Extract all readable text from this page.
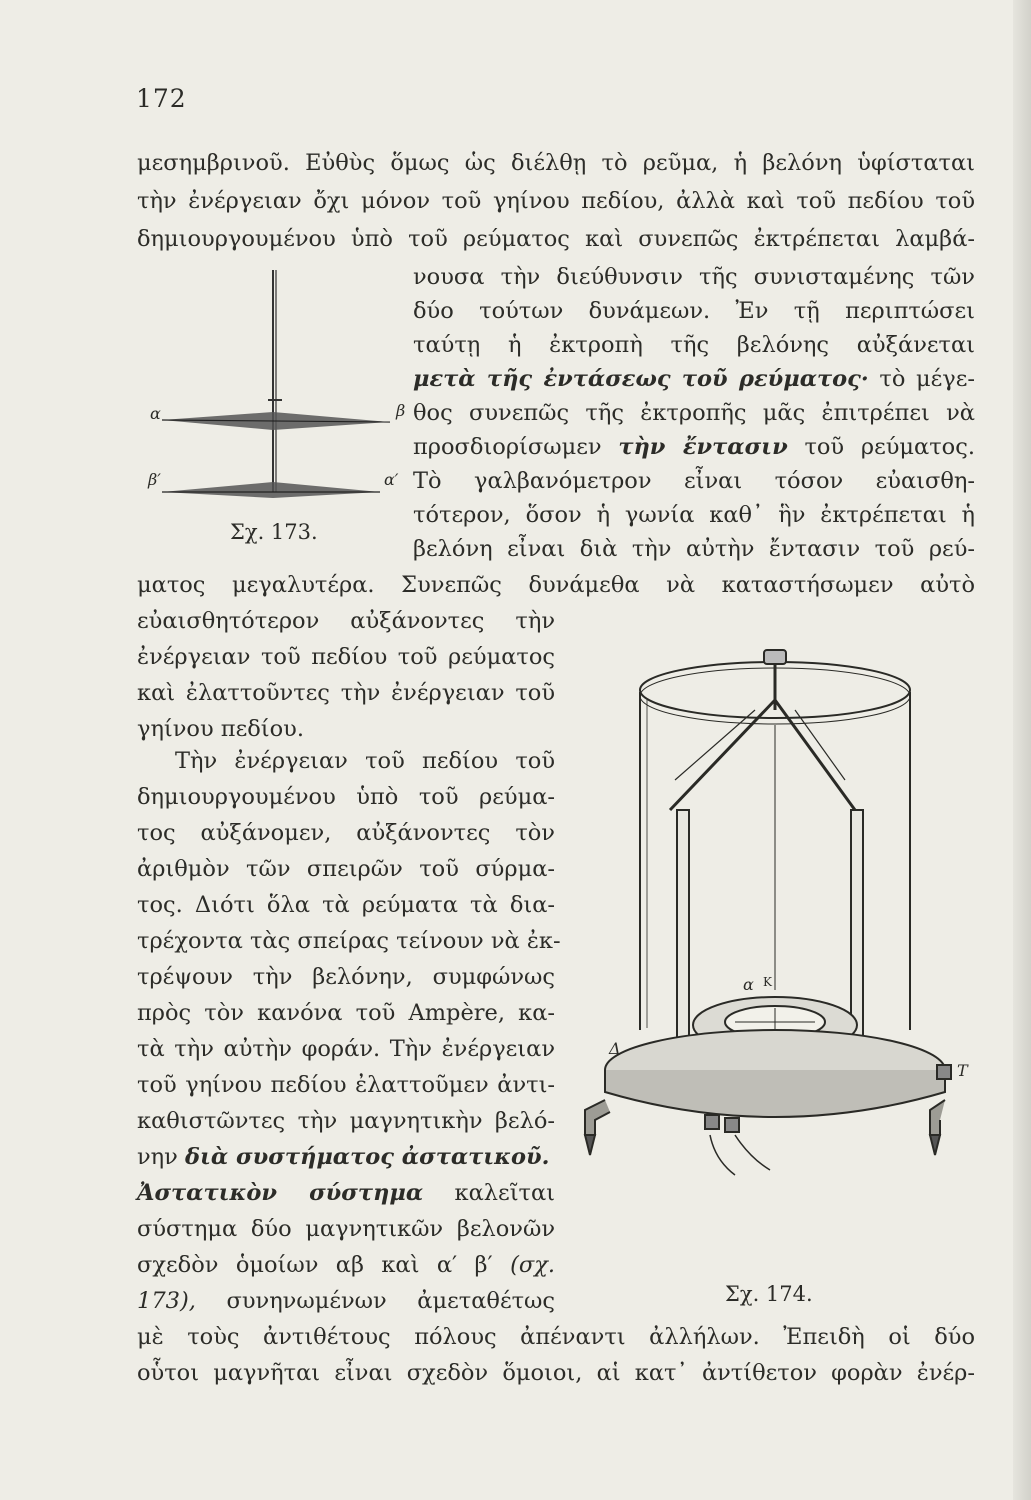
172
μεσημβρινοῦ. Εὐθὺς ὅμως ὡς διέλθῃ τὸ ρεῦμα, ἡ βελόνη ὑφίσταται
τὴν ἐνέργειαν ὄχι μόνον τοῦ γηίνου πεδίου, ἀλλὰ καὶ τοῦ πεδίου τοῦ
δημιουργουμένου ὑπὸ τοῦ ρεύματος καὶ συνεπῶς ἐκτρέπεται λαμβά-
νουσα τὴν διεύθυνσιν τῆς συνισταμένης τῶν
δύο τούτων δυνάμεων. Ἐν τῇ περιπτώσει
ταύτῃ ἡ ἐκτροπὴ τῆς βελόνης αὐξάνεται
μετὰ τῆς ἐντάσεως τοῦ ρεύματος· τὸ μέγε-
θος συνεπῶς τῆς ἐκτροπῆς μᾶς ἐπιτρέπει νὰ
προσδιορίσωμεν τὴν ἔντασιν τοῦ ρεύματος.
Τὸ γαλβανόμετρον εἶναι τόσον εὐαισθη-
τότερον, ὅσον ἡ γωνία καθ᾽ ἣν ἐκτρέπεται ἡ
βελόνη εἶναι διὰ τὴν αὐτὴν ἔντασιν τοῦ ρεύ-
ματος μεγαλυτέρα. Συνεπῶς δυνάμεθα νὰ καταστήσωμεν αὐτὸ
εὐαισθητότερον αὐξάνοντες τὴν
ἐνέργειαν τοῦ πεδίου τοῦ ρεύματος
καὶ ἐλαττοῦντες τὴν ἐνέργειαν τοῦ
γηίνου πεδίου.
Τὴν ἐνέργειαν τοῦ πεδίου τοῦ
δημιουργουμένου ὑπὸ τοῦ ρεύμα-
τος αὐξάνομεν, αὐξάνοντες τὸν
ἀριθμὸν τῶν σπειρῶν τοῦ σύρμα-
τος. Διότι ὅλα τὰ ρεύματα τὰ δια-
τρέχοντα τὰς σπείρας τείνουν νὰ ἐκ-
τρέψουν τὴν βελόνην, συμφώνως
πρὸς τὸν κανόνα τοῦ Ampère, κα-
τὰ τὴν αὐτὴν φοράν. Τὴν ἐνέργειαν
τοῦ γηίνου πεδίου ἐλαττοῦμεν ἀντι-
καθιστῶντες τὴν μαγνητικὴν βελό-
νην διὰ συστήματος ἀστατικοῦ.
Ἀστατικὸν σύστημα καλεῖται
σύστημα δύο μαγνητικῶν βελονῶν
σχεδὸν ὁμοίων αβ καὶ α′ β′ (σχ.
173), συνηνωμένων ἀμεταθέτως
μὲ τοὺς ἀντιθέτους πόλους ἀπέναντι ἀλλήλων. Ἐπειδὴ οἱ δύο
οὗτοι μαγνῆται εἶναι σχεδὸν ὅμοιοι, αἱ κατ᾽ ἀντίθετον φορὰν ἐνέρ-
α	β
β′	α′
Σχ. 173.
Δ
Τ
α Κ
Σχ. 174.
